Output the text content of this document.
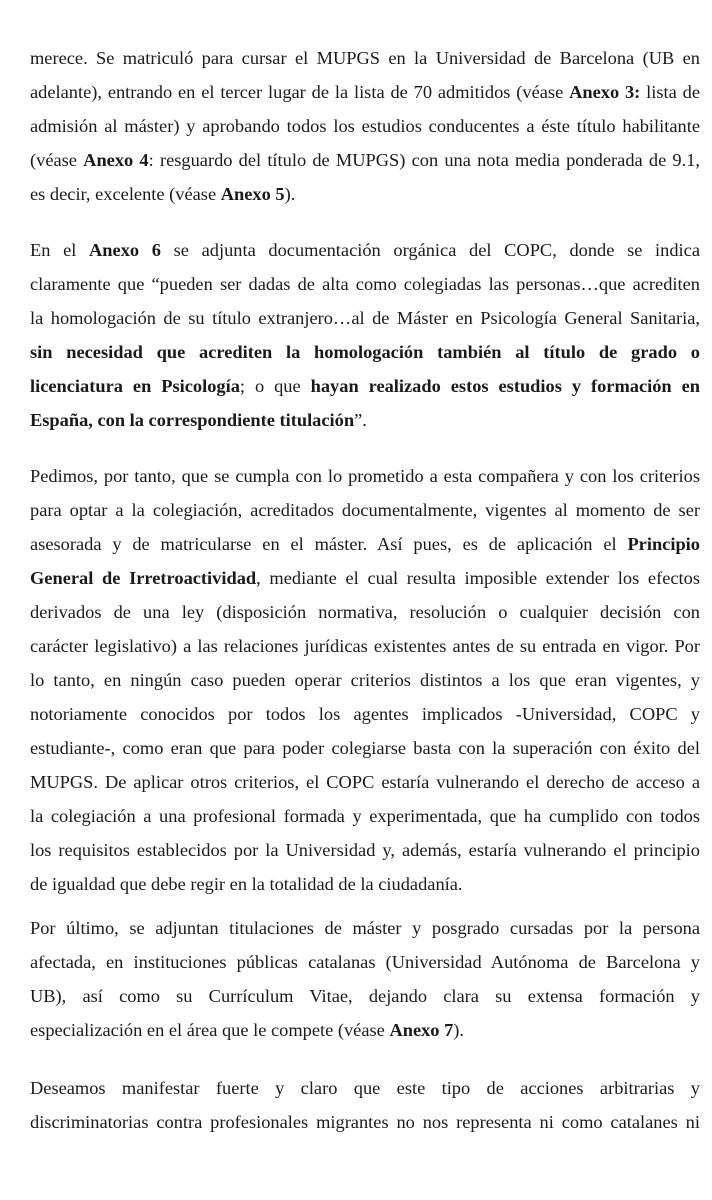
merece. Se matriculó para cursar el MUPGS en la Universidad de Barcelona (UB en
adelante), entrando en el tercer lugar de la lista de 70 admitidos (véase Anexo 3: lista de
admisión al máster) y aprobando todos los estudios conducentes a éste título habilitante
(véase Anexo 4: resguardo del título de MUPGS) con una nota media ponderada de 9.1,
es decir, excelente (véase Anexo 5).
En el Anexo 6 se adjunta documentación orgánica del COPC, donde se indica
claramente que “pueden ser dadas de alta como colegiadas las personas…que acrediten
la homologación de su título extranjero…al de Máster en Psicología General Sanitaria,
sin necesidad que acrediten la homologación también al título de grado o
licenciatura en Psicología; o que hayan realizado estos estudios y formación en
España, con la correspondiente titulación”.
Pedimos, por tanto, que se cumpla con lo prometido a esta compañera y con los criterios
para optar a la colegiación, acreditados documentalmente, vigentes al momento de ser
asesorada y de matricularse en el máster. Así pues, es de aplicación el Principio
General de Irretroactividad, mediante el cual resulta imposible extender los efectos
derivados de una ley (disposición normativa, resolución o cualquier decisión con
carácter legislativo) a las relaciones jurídicas existentes antes de su entrada en vigor. Por
lo tanto, en ningún caso pueden operar criterios distintos a los que eran vigentes, y
notoriamente conocidos por todos los agentes implicados -Universidad, COPC y
estudiante-, como eran que para poder colegiarse basta con la superación con éxito del
MUPGS. De aplicar otros criterios, el COPC estaría vulnerando el derecho de acceso a
la colegiación a una profesional formada y experimentada, que ha cumplido con todos
los requisitos establecidos por la Universidad y, además, estaría vulnerando el principio
de igualdad que debe regir en la totalidad de la ciudadanía.
Por último, se adjuntan titulaciones de máster y posgrado cursadas por la persona
afectada, en instituciones públicas catalanas (Universidad Autónoma de Barcelona y
UB), así como su Currículum Vitae, dejando clara su extensa formación y
especialización en el área que le compete (véase Anexo 7).
Deseamos manifestar fuerte y claro que este tipo de acciones arbitrarias y
discriminatorias contra profesionales migrantes no nos representa ni como catalanes ni
